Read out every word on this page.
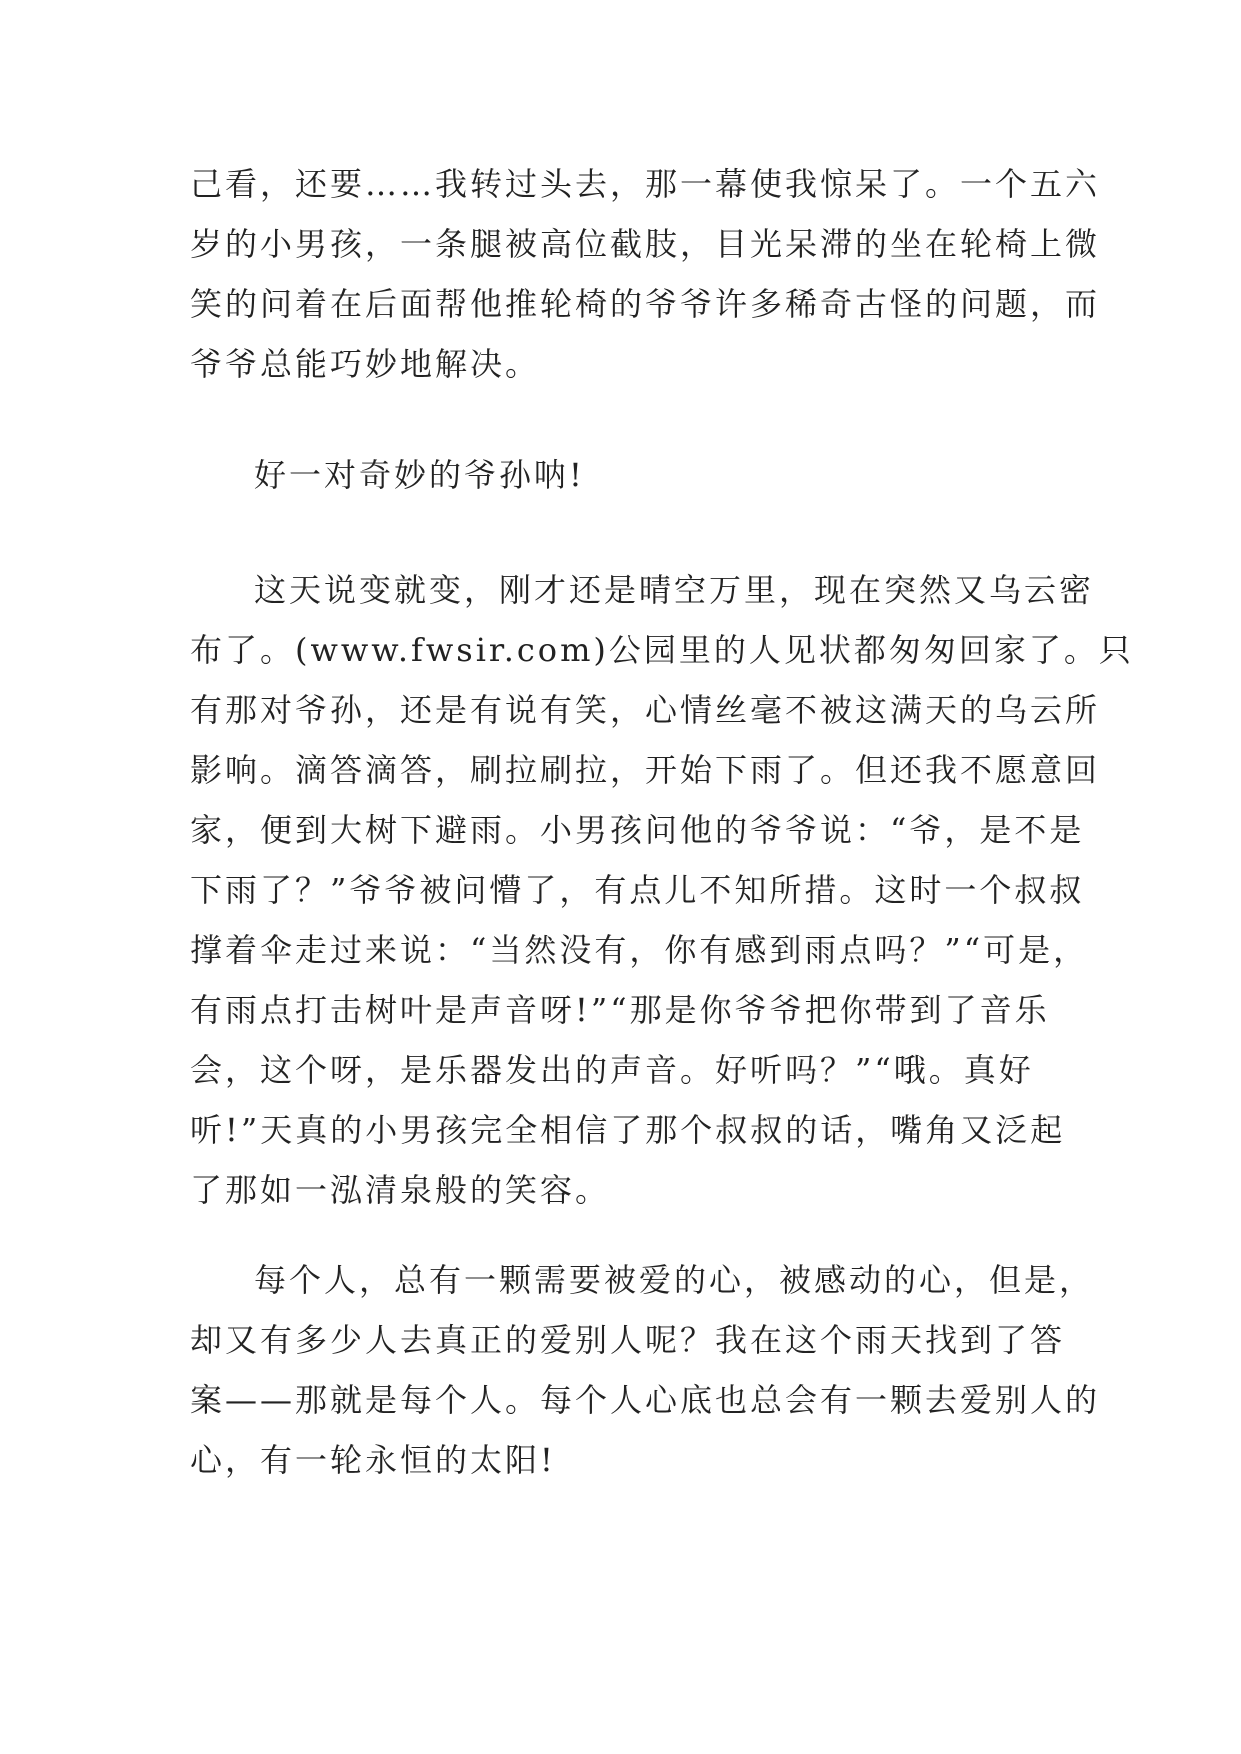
己看，还要……我转过头去，那一幕使我惊呆了。一个五六
岁的小男孩，一条腿被高位截肢，目光呆滞的坐在轮椅上微
笑的问着在后面帮他推轮椅的爷爷许多稀奇古怪的问题，而
爷爷总能巧妙地解决。
好一对奇妙的爷孙呐!
这天说变就变，刚才还是晴空万里，现在突然又乌云密
布了。(www.fwsir.com)公园里的人见状都匆匆回家了。只
有那对爷孙，还是有说有笑，心情丝毫不被这满天的乌云所
影响。滴答滴答，刷拉刷拉，开始下雨了。但还我不愿意回
家，便到大树下避雨。小男孩问他的爷爷说：“爷，是不是
下雨了？”爷爷被问懵了，有点儿不知所措。这时一个叔叔
撑着伞走过来说：“当然没有，你有感到雨点吗？”“可是，
有雨点打击树叶是声音呀!”“那是你爷爷把你带到了音乐
会，这个呀，是乐器发出的声音。好听吗？”“哦。真好
听!”天真的小男孩完全相信了那个叔叔的话，嘴角又泛起
了那如一泓清泉般的笑容。
每个人，总有一颗需要被爱的心，被感动的心，但是，
却又有多少人去真正的爱别人呢？我在这个雨天找到了答
案——那就是每个人。每个人心底也总会有一颗去爱别人的
心，有一轮永恒的太阳!
